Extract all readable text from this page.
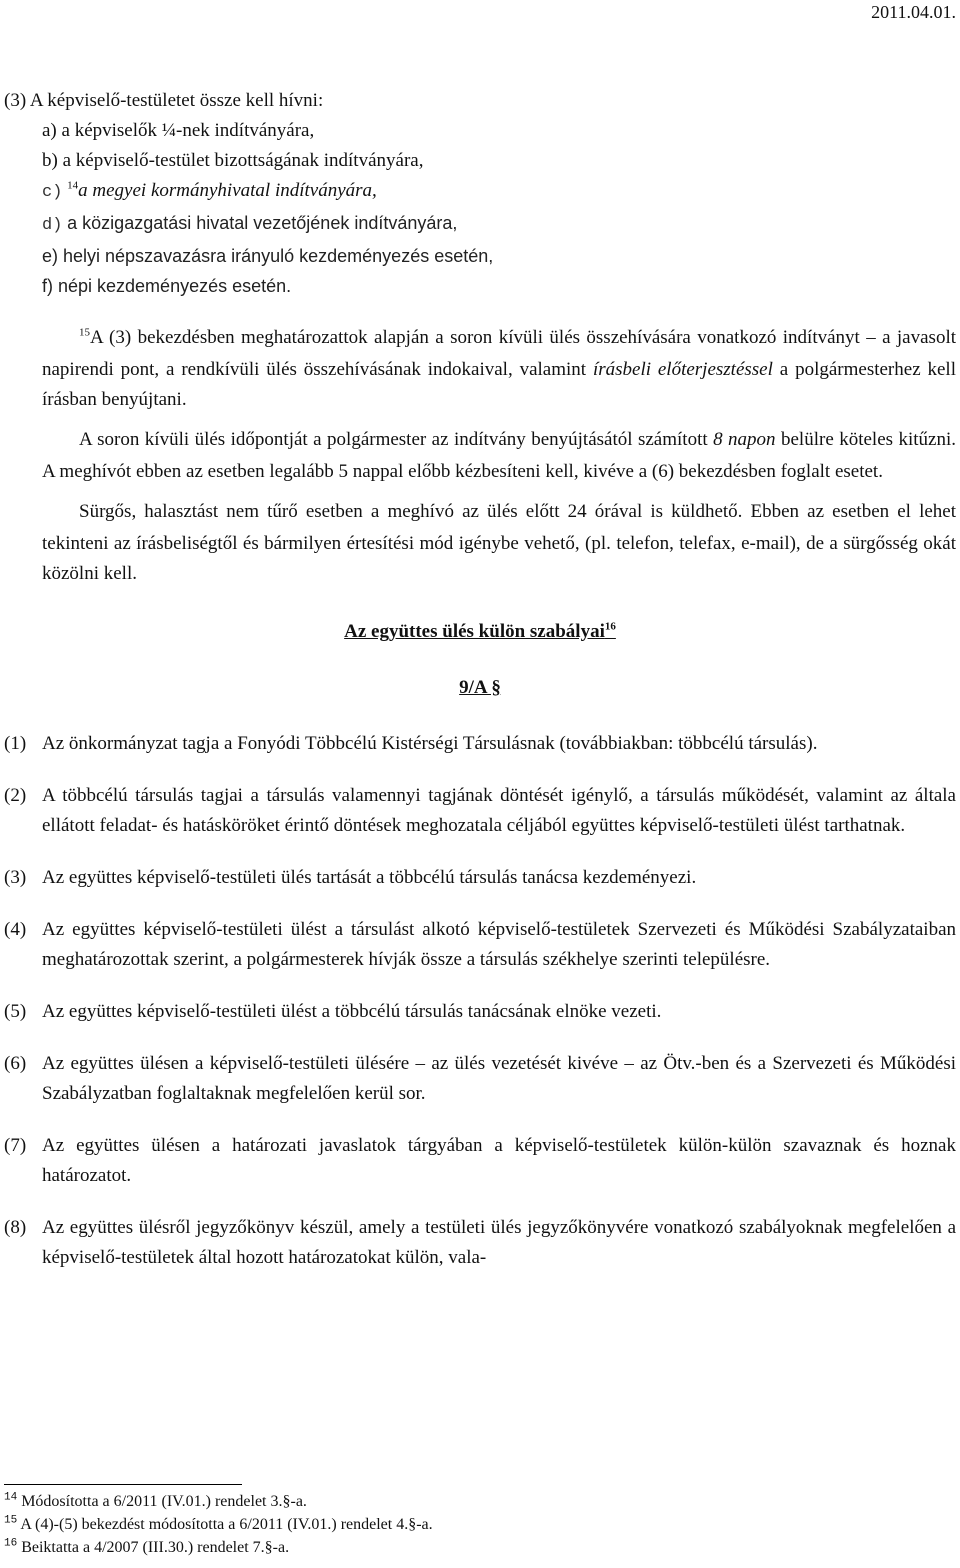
2011.04.01.

(3) A képviselő-testületet össze kell hívni:

a) a képviselők ¼-nek indítványára,

b) a képviselő-testület bizottságának indítványára,

c) $^{14}$a megyei kormányhivatal indítványára,

d) a közigazgatási hivatal vezetőjének indítványára,

e) helyi népszavazásra irányuló kezdeményezés esetén,

f) népi kezdeményezés esetén.

$^{15}$A (3) bekezdésben meghatározattok alapján a soron kívüli ülés összehívására vonatkozó indítványt – a javasolt napirendi pont, a rendkívüli ülés összehívásának indokaival, valamint írásbeli előterjesztéssel a polgármesterhez kell írásban benyújtani.

A soron kívüli ülés időpontját a polgármester az indítvány benyújtásától számított 8 napon belülre köteles kitűzni. A meghívót ebben az esetben legalább 5 nappal előbb kézbesíteni kell, kivéve a (6) bekezdésben foglalt esetet.

Sürgős, halasztást nem tűrő esetben a meghívó az ülés előtt 24 órával is küldhető. Ebben az esetben el lehet tekinteni az írásbeliségtől és bármilyen értesítési mód igénybe vehető, (pl. telefon, telefax, e-mail), de a sürgősség okát közölni kell.

Az együttes ülés külön szabályai$^{16}$

9/A §

(1) Az önkormányzat tagja a Fonyódi Többcélú Kistérségi Társulásnak (továbbiakban: többcélú társulás).

(2) A többcélú társulás tagjai a társulás valamennyi tagjának döntését igénylő, a társulás működését, valamint az általa ellátott feladat- és hatásköröket érintő döntések meghozatala céljából együttes képviselő-testületi ülést tarthatnak.

(3) Az együttes képviselő-testületi ülés tartását a többcélú társulás tanácsa kezdeményezi.

(4) Az együttes képviselő-testületi ülést a társulást alkotó képviselő-testületek Szervezeti és Működési Szabályzataiban meghatározottak szerint, a polgármesterek hívják össze a társulás székhelye szerinti településre.

(5) Az együttes képviselő-testületi ülést a többcélú társulás tanácsának elnöke vezeti.

(6) Az együttes ülésen a képviselő-testületi ülésére – az ülés vezetését kivéve – az Ötv.-ben és a Szervezeti és Működési Szabályzatban foglaltaknak megfelelően kerül sor.

(7) Az együttes ülésen a határozati javaslatok tárgyában a képviselő-testületek külön-külön szavaznak és hoznak határozatot.

(8) Az együttes ülésről jegyzőkönyv készül, amely a testületi ülés jegyzőkönyvére vonatkozó szabályoknak megfelelően a képviselő-testületek által hozott határozatokat külön, vala-

$^{14}$ Módosította a 6/2011 (IV.01.) rendelet 3.§-a.
$^{15}$ A (4)-(5) bekezdést módosította a 6/2011 (IV.01.) rendelet 4.§-a.
$^{16}$ Beiktatta a 4/2007 (III.30.) rendelet 7.§-a.
